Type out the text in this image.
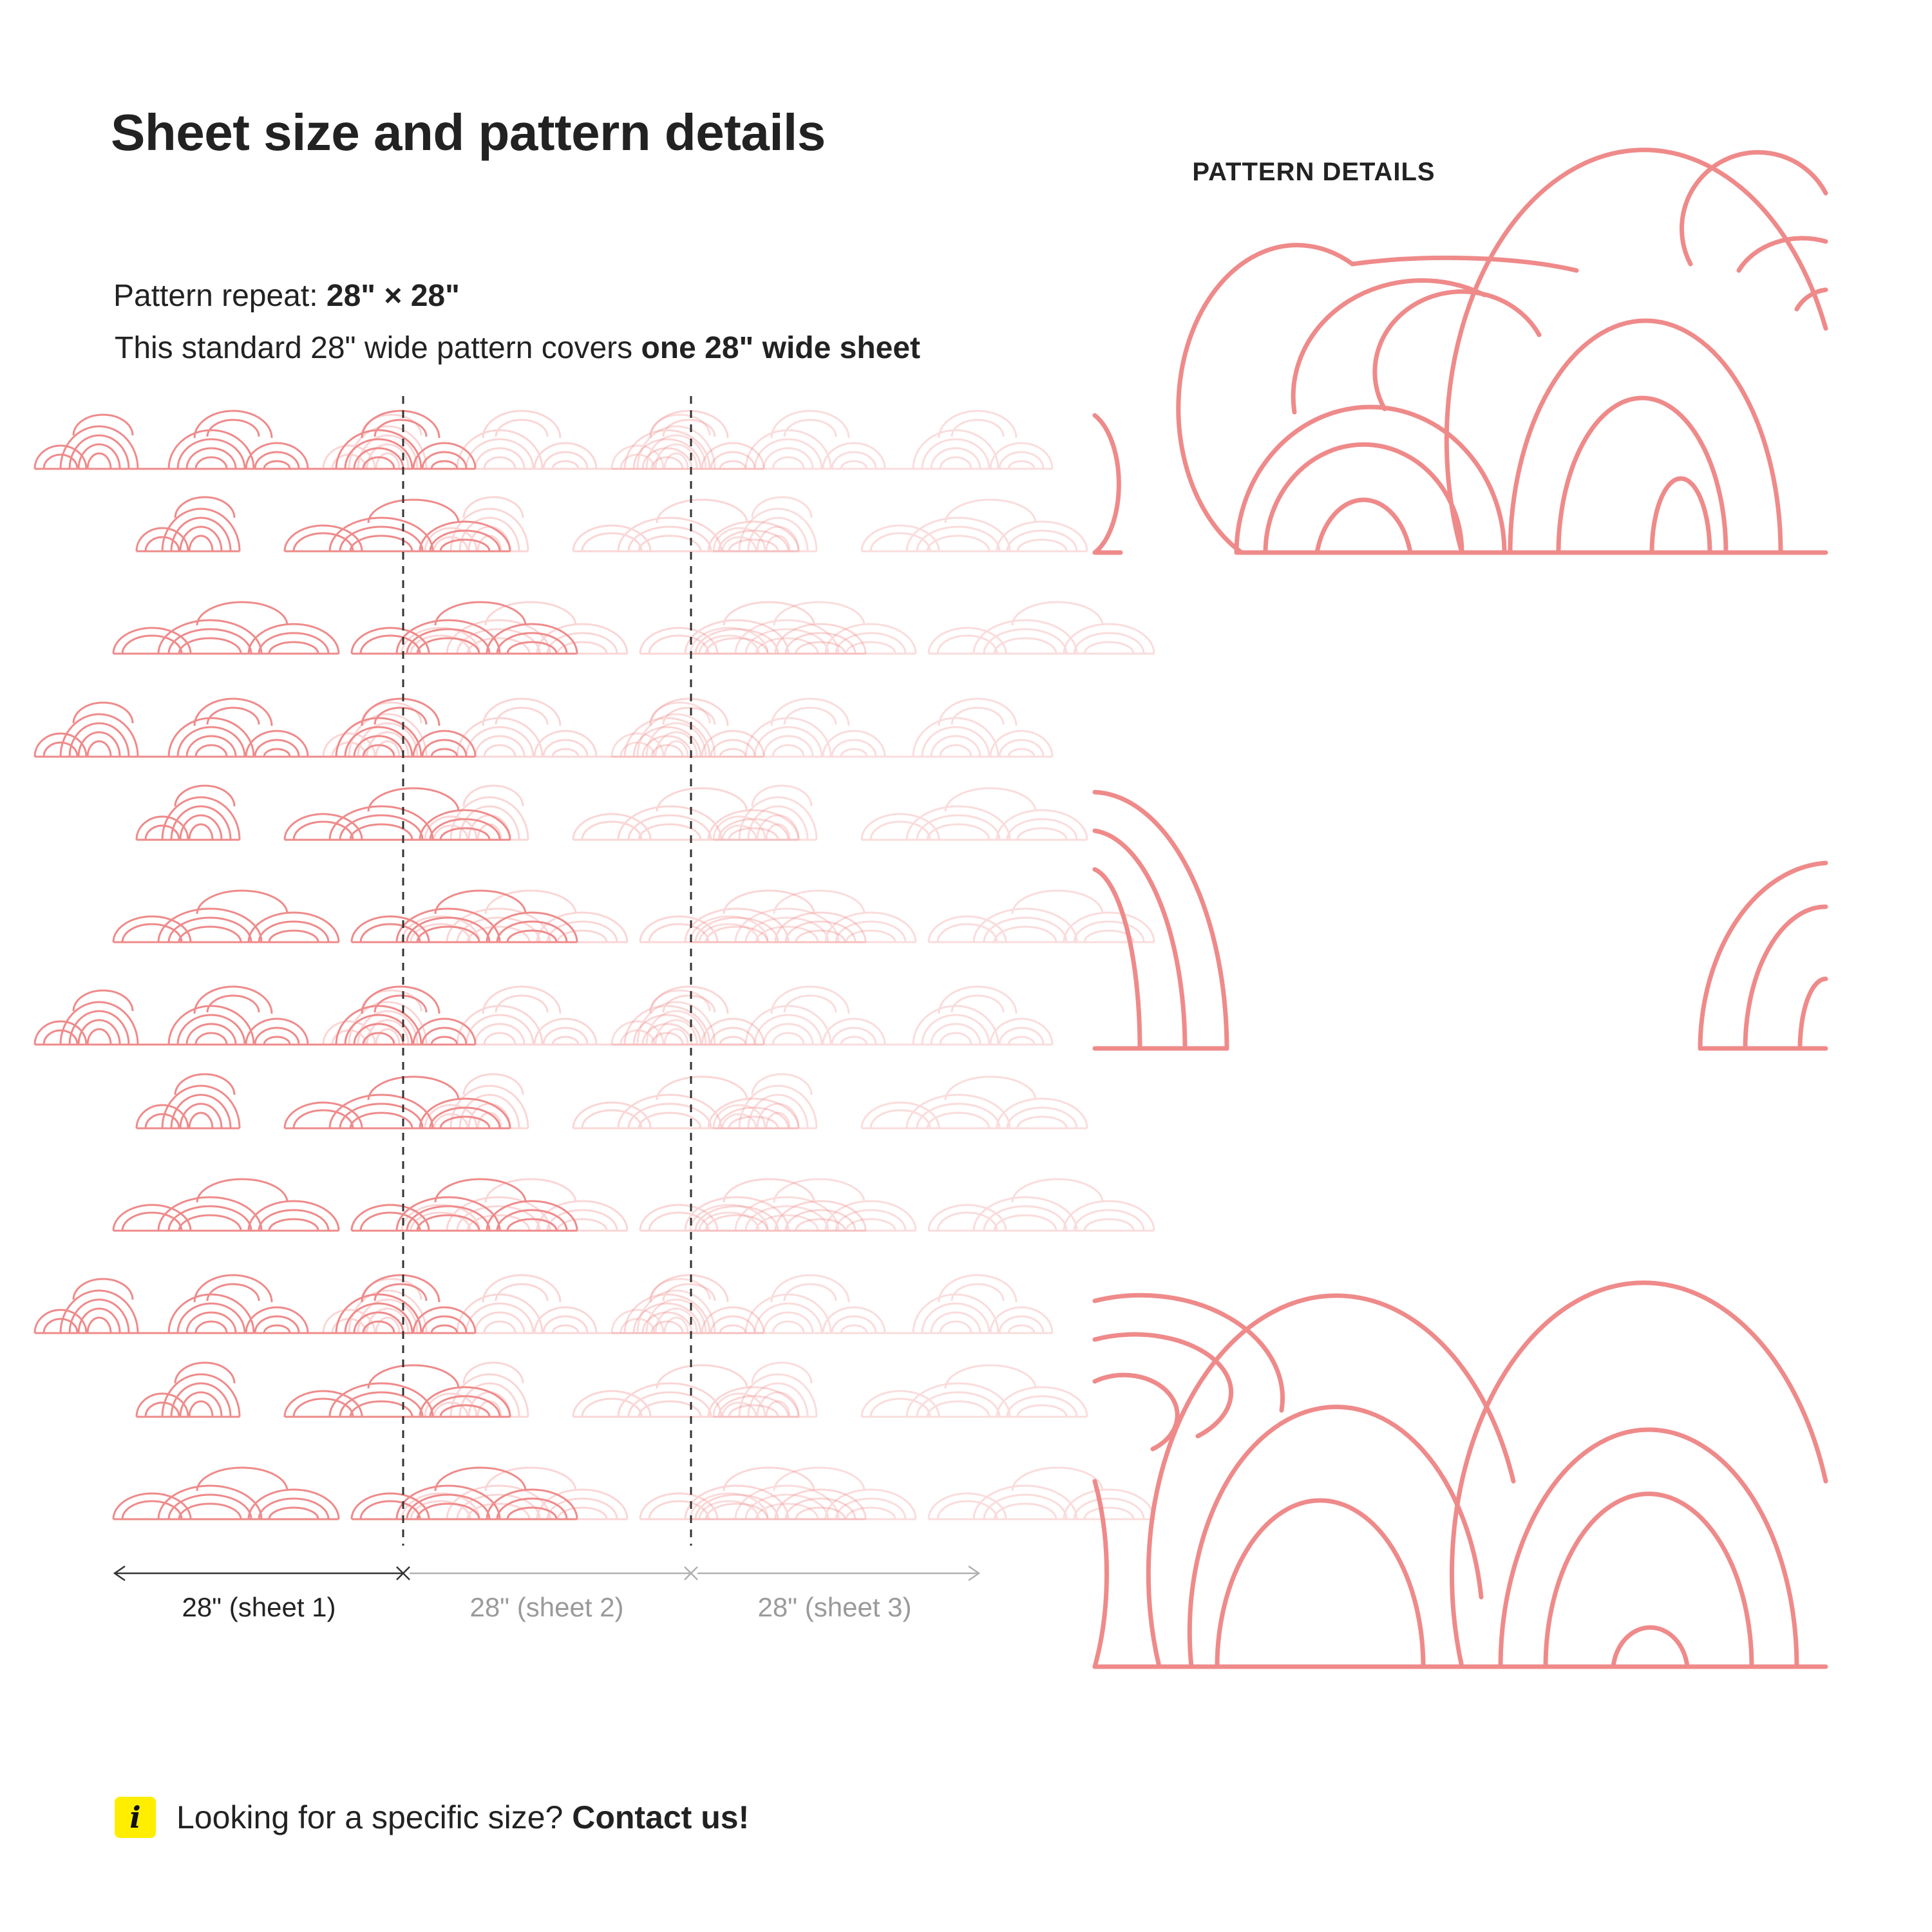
Sheet size and pattern details
PATTERN DETAILS
Pattern repeat: 28" × 28"
This standard 28" wide pattern covers one 28" wide sheet
28" (sheet 1)	28" (sheet 2)	28" (sheet 3)
i	Looking for a specific size? Contact us!
